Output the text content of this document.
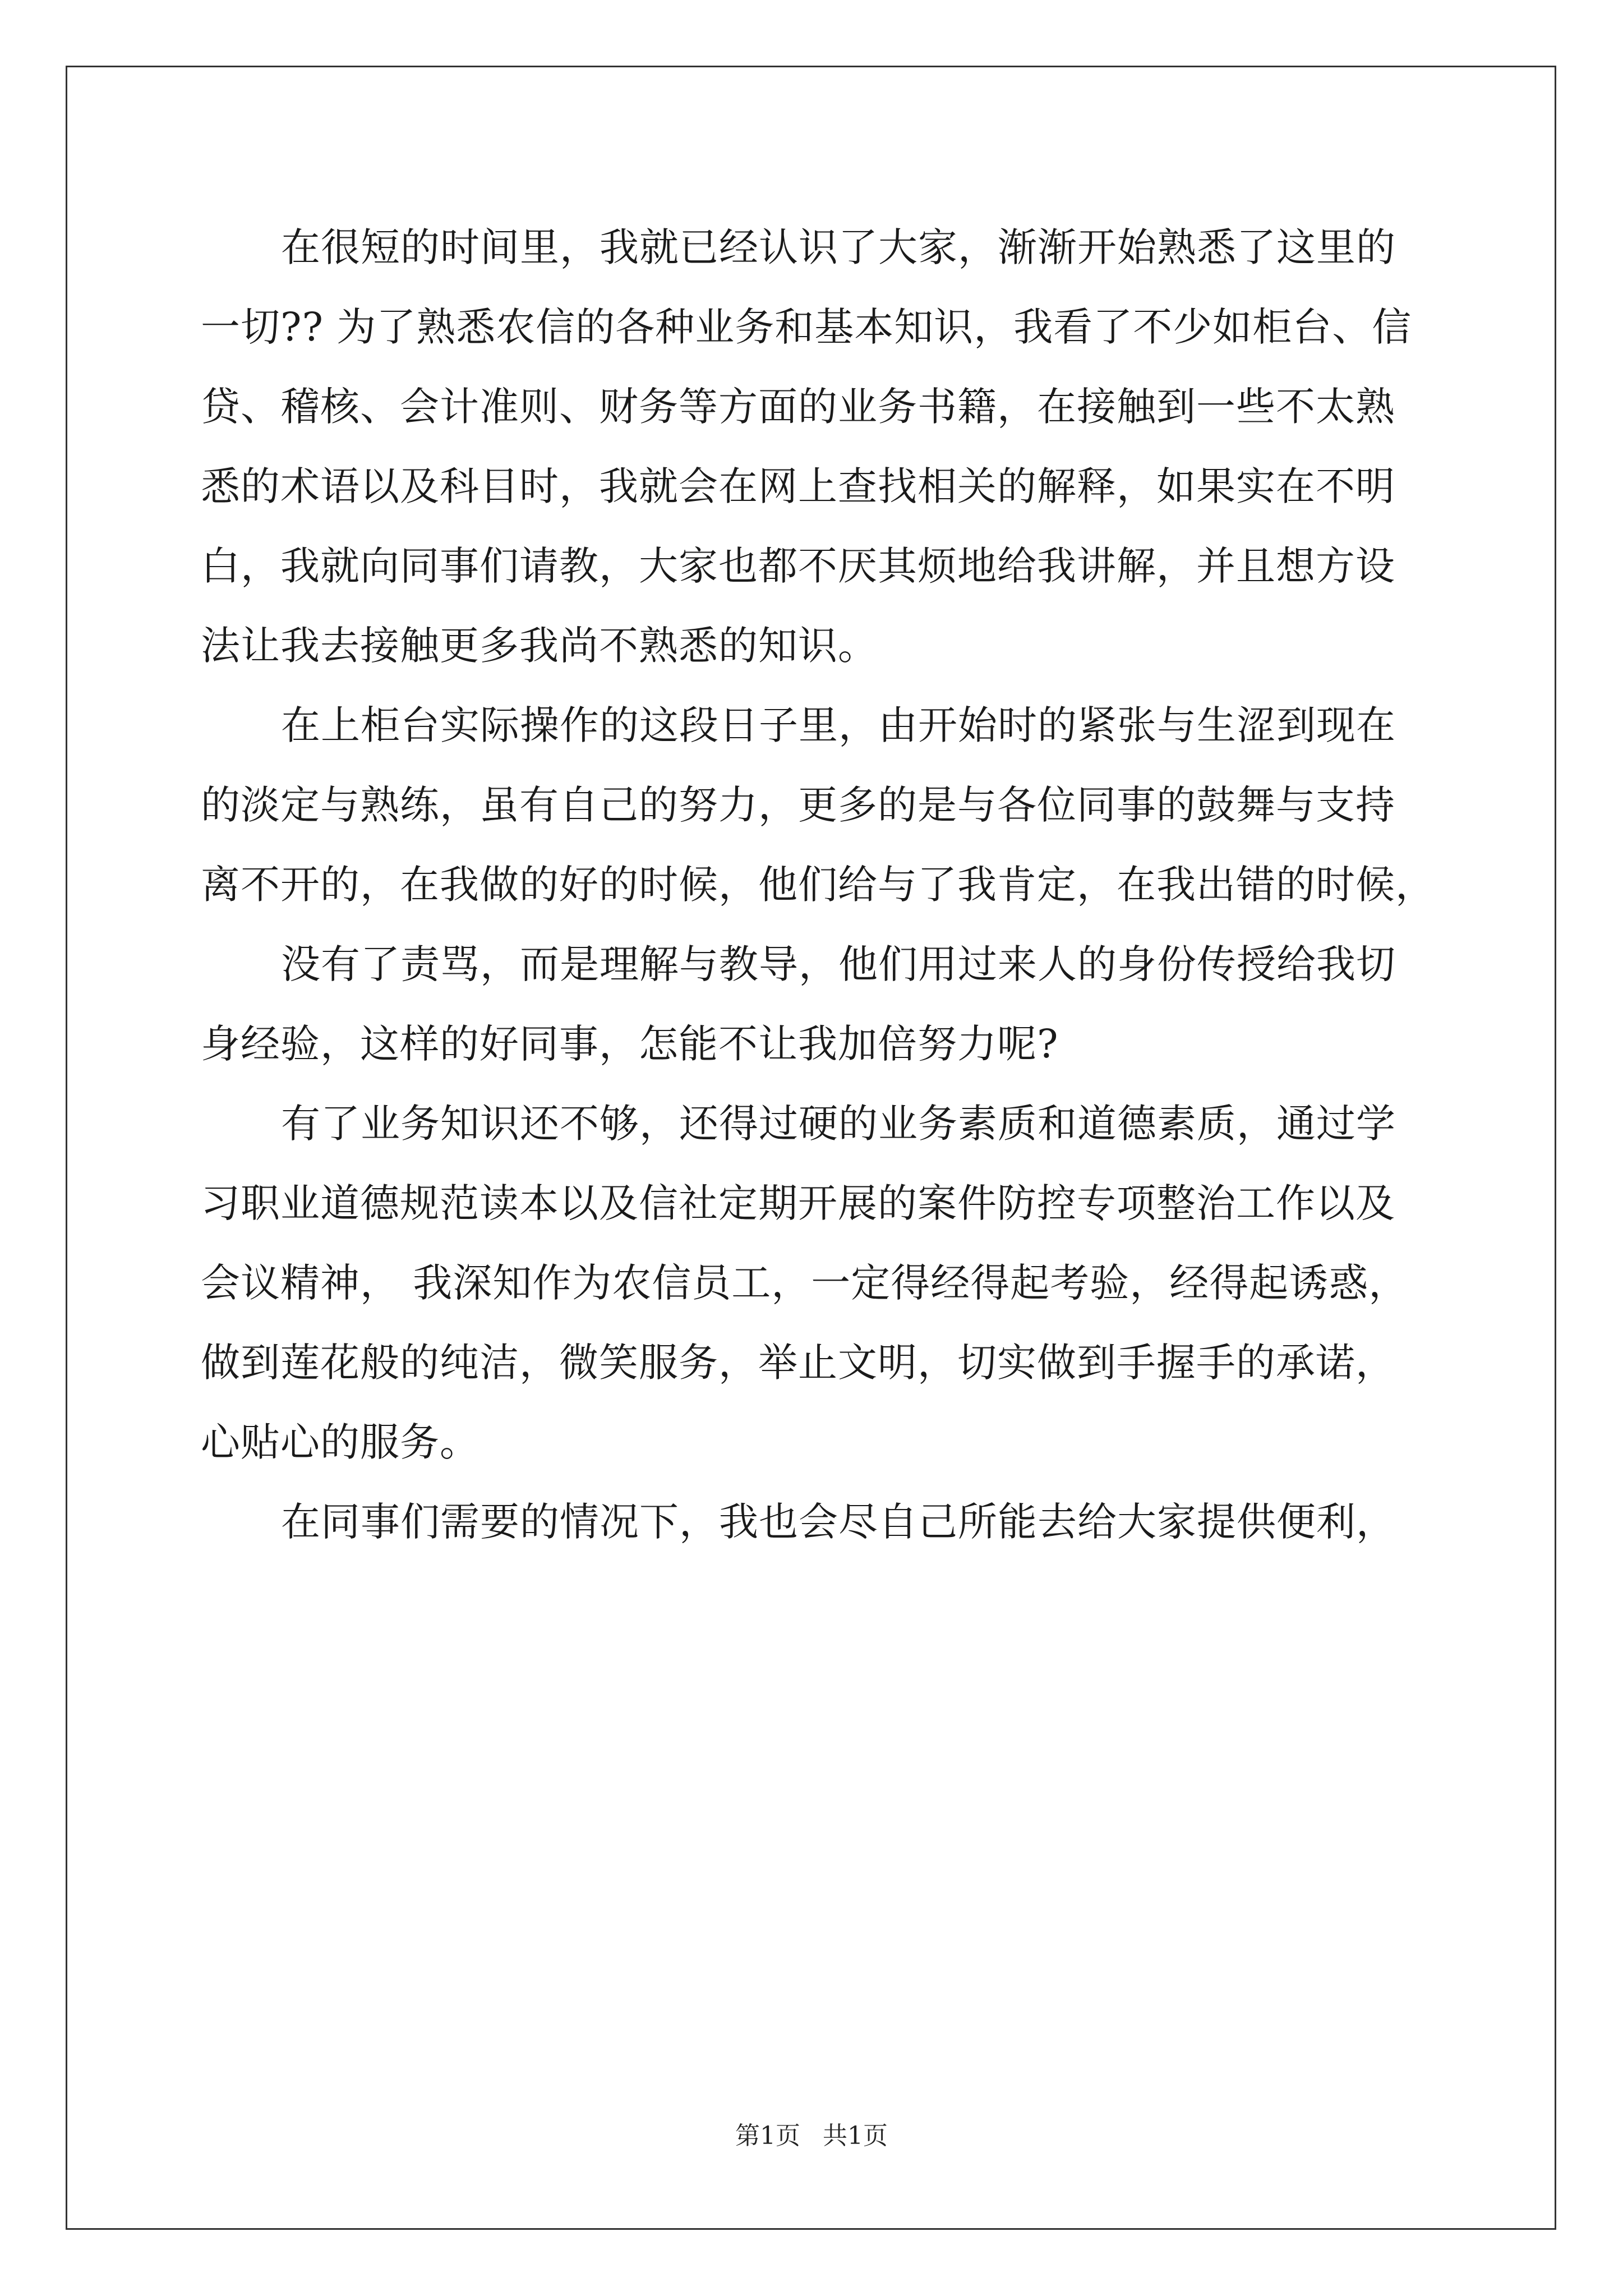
在很短的时间里，我就已经认识了大家，渐渐开始熟悉了这里的
一切?? 为了熟悉农信的各种业务和基本知识，我看了不少如柜台、信
贷、稽核、会计准则、财务等方面的业务书籍，在接触到一些不太熟
悉的术语以及科目时，我就会在网上查找相关的解释，如果实在不明
白，我就向同事们请教，大家也都不厌其烦地给我讲解，并且想方设
法让我去接触更多我尚不熟悉的知识。
在上柜台实际操作的这段日子里，由开始时的紧张与生涩到现在
的淡定与熟练，虽有自己的努力，更多的是与各位同事的鼓舞与支持
离不开的，在我做的好的时候，他们给与了我肯定，在我出错的时候，
没有了责骂，而是理解与教导，他们用过来人的身份传授给我切
身经验，这样的好同事，怎能不让我加倍努力呢?
有了业务知识还不够，还得过硬的业务素质和道德素质，通过学
习职业道德规范读本以及信社定期开展的案件防控专项整治工作以及
会议精神， 我深知作为农信员工，一定得经得起考验，经得起诱惑，
做到莲花般的纯洁，微笑服务，举止文明，切实做到手握手的承诺，
心贴心的服务。
在同事们需要的情况下，我也会尽自己所能去给大家提供便利，
第1页 共1页
